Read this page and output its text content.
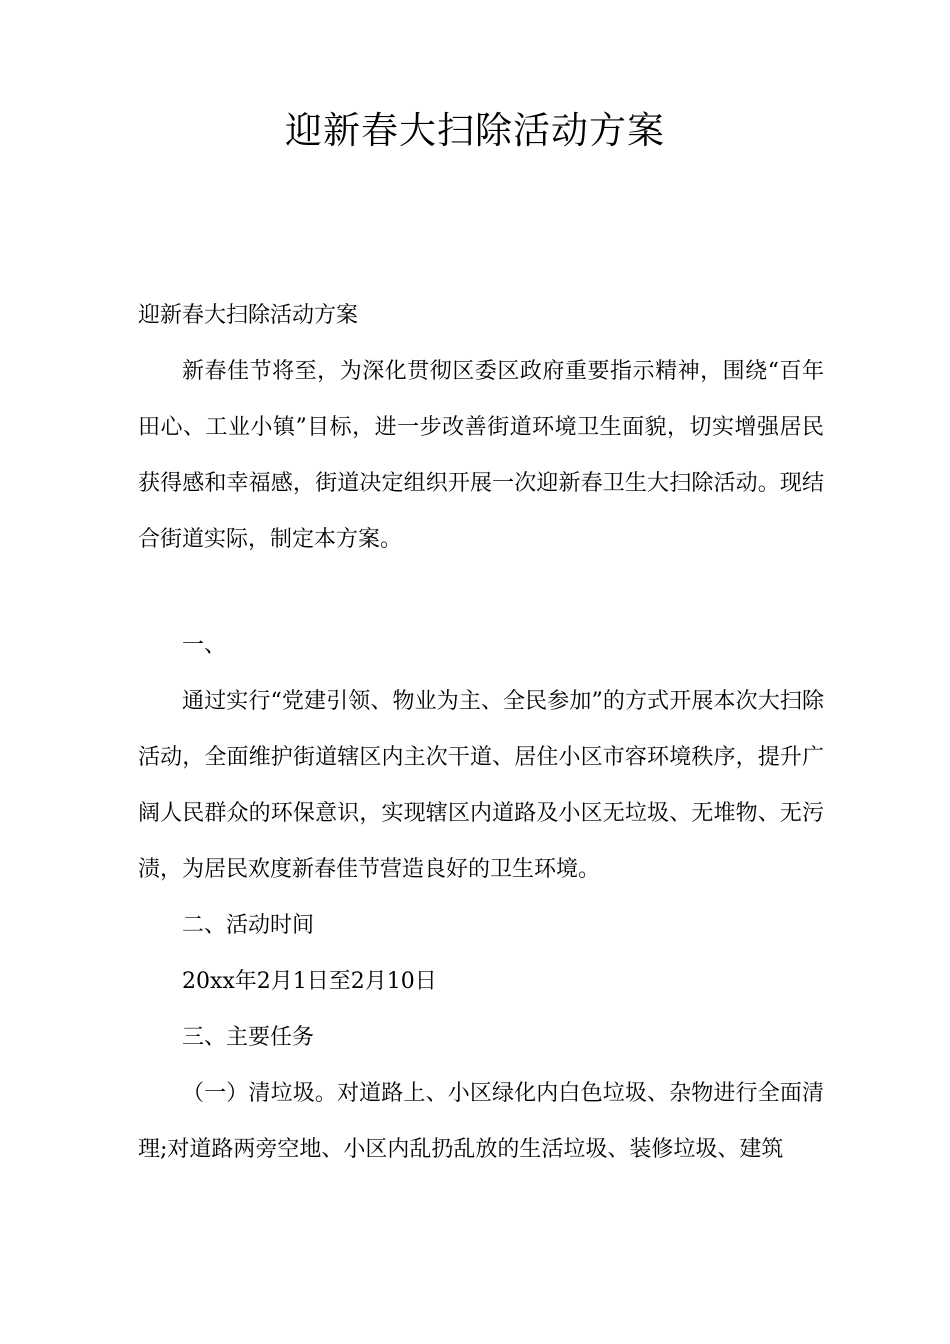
迎新春大扫除活动方案

迎新春大扫除活动方案

新春佳节将至，为深化贯彻区委区政府重要指示精神，围绕“百年田心、工业小镇”目标，进一步改善街道环境卫生面貌，切实增强居民获得感和幸福感，街道决定组织开展一次迎新春卫生大扫除活动。现结合街道实际，制定本方案。

一、

通过实行“党建引领、物业为主、全民参加”的方式开展本次大扫除活动，全面维护街道辖区内主次干道、居住小区市容环境秩序，提升广阔人民群众的环保意识，实现辖区内道路及小区无垃圾、无堆物、无污渍，为居民欢度新春佳节营造良好的卫生环境。

二、活动时间

20xx年2月1日至2月10日

三、主要任务

（一）清垃圾。对道路上、小区绿化内白色垃圾、杂物进行全面清理;对道路两旁空地、小区内乱扔乱放的生活垃圾、装修垃圾、建筑
